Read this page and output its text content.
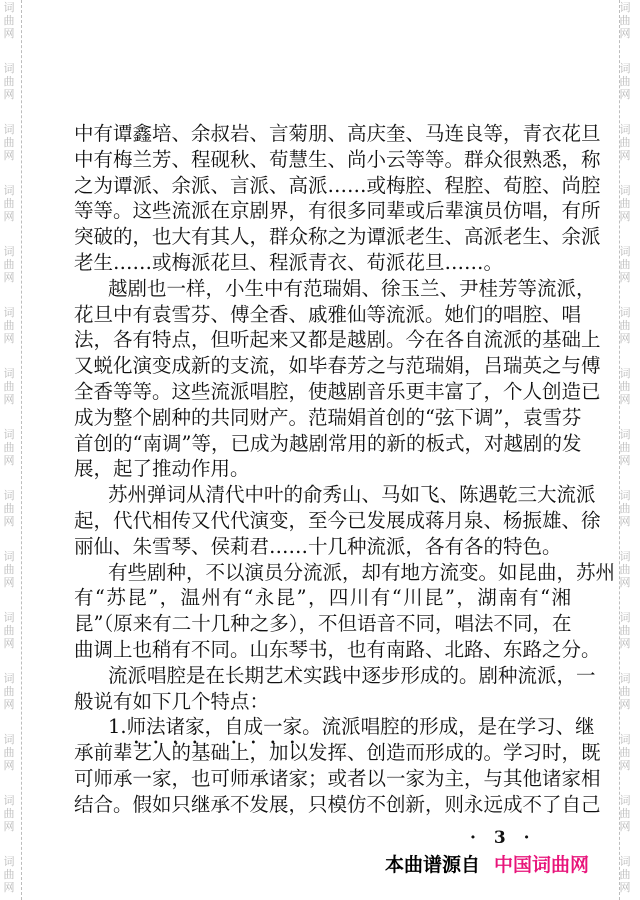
词
曲
网
词
曲
网
词
曲
网
词
曲
网
词
曲
网
词
曲
网
词
曲
网
词
曲
网
词
曲
网
词
曲
网
词
曲
网
词
曲
网
词
曲
网
词
曲
网
词
曲
网
词
曲
网
词
曲
网
词
曲
网
词
曲
网
词
曲
网
词
曲
网
词
曲
网
词
曲
网
词
曲
网
词
曲
网
词
曲
网
词
曲
网
词
曲
网
词
曲
网
词
曲
网
中有谭鑫培、余叔岩、言菊朋、高庆奎、马连良等，青衣花旦
中有梅兰芳、程砚秋、荀慧生、尚小云等等。群众很熟悉，称
之为谭派、余派、言派、高派……或梅腔、程腔、荀腔、尚腔
等等。这些流派在京剧界，有很多同辈或后辈演员仿唱，有所
突破的，也大有其人，群众称之为谭派老生、高派老生、余派
老生……或梅派花旦、程派青衣、荀派花旦……。
越剧也一样，小生中有范瑞娟、徐玉兰、尹桂芳等流派，
花旦中有袁雪芬、傅全香、戚雅仙等流派。她们的唱腔、唱
法，各有特点，但听起来又都是越剧。今在各自流派的基础上
又蜕化演变成新的支流，如毕春芳之与范瑞娟，吕瑞英之与傅
全香等等。这些流派唱腔，使越剧音乐更丰富了，个人创造已
成为整个剧种的共同财产。范瑞娟首创的“弦下调”，袁雪芬
首创的“南调”等，已成为越剧常用的新的板式，对越剧的发
展，起了推动作用。
苏州弹词从清代中叶的俞秀山、马如飞、陈遇乾三大流派
起，代代相传又代代演变，至今已发展成蒋月泉、杨振雄、徐
丽仙、朱雪琴、侯莉君……十几种流派，各有各的特色。
有些剧种，不以演员分流派，却有地方流变。如昆曲，苏州
有“苏昆”，温州有“永昆”，四川有“川昆”，湖南有“湘
昆”（原来有二十几种之多），不但语音不同，唱法不同，在
曲调上也稍有不同。山东琴书，也有南路、北路、东路之分。
流派唱腔是在长期艺术实践中逐步形成的。剧种流派，一
般说有如下几个特点：
1.师法诸家，自成一家。流派唱腔的形成，是在学习、继
承前辈艺人的基础上，加以发挥、创造而形成的。学习时，既
可师承一家，也可师承诸家；或者以一家为主，与其他诸家相
结合。假如只继承不发展，只模仿不创新，则永远成不了自己
· 3 ·
本曲谱源自 中国词曲网
